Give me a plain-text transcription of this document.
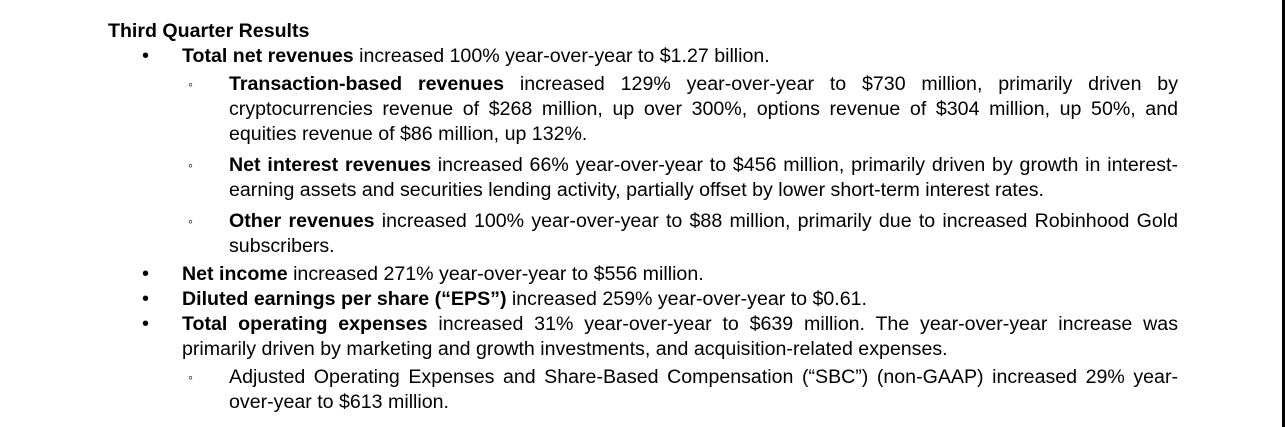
Third Quarter Results
• Total net revenues increased 100% year-over-year to $1.27 billion.
◦ Transaction-based revenues increased 129% year-over-year to $730 million, primarily driven by cryptocurrencies revenue of $268 million, up over 300%, options revenue of $304 million, up 50%, and equities revenue of $86 million, up 132%.
◦ Net interest revenues increased 66% year-over-year to $456 million, primarily driven by growth in interest-earning assets and securities lending activity, partially offset by lower short-term interest rates.
◦ Other revenues increased 100% year-over-year to $88 million, primarily due to increased Robinhood Gold subscribers.
• Net income increased 271% year-over-year to $556 million.
• Diluted earnings per share (“EPS”) increased 259% year-over-year to $0.61.
• Total operating expenses increased 31% year-over-year to $639 million. The year-over-year increase was primarily driven by marketing and growth investments, and acquisition-related expenses.
◦ Adjusted Operating Expenses and Share-Based Compensation (“SBC”) (non-GAAP) increased 29% year-over-year to $613 million.
